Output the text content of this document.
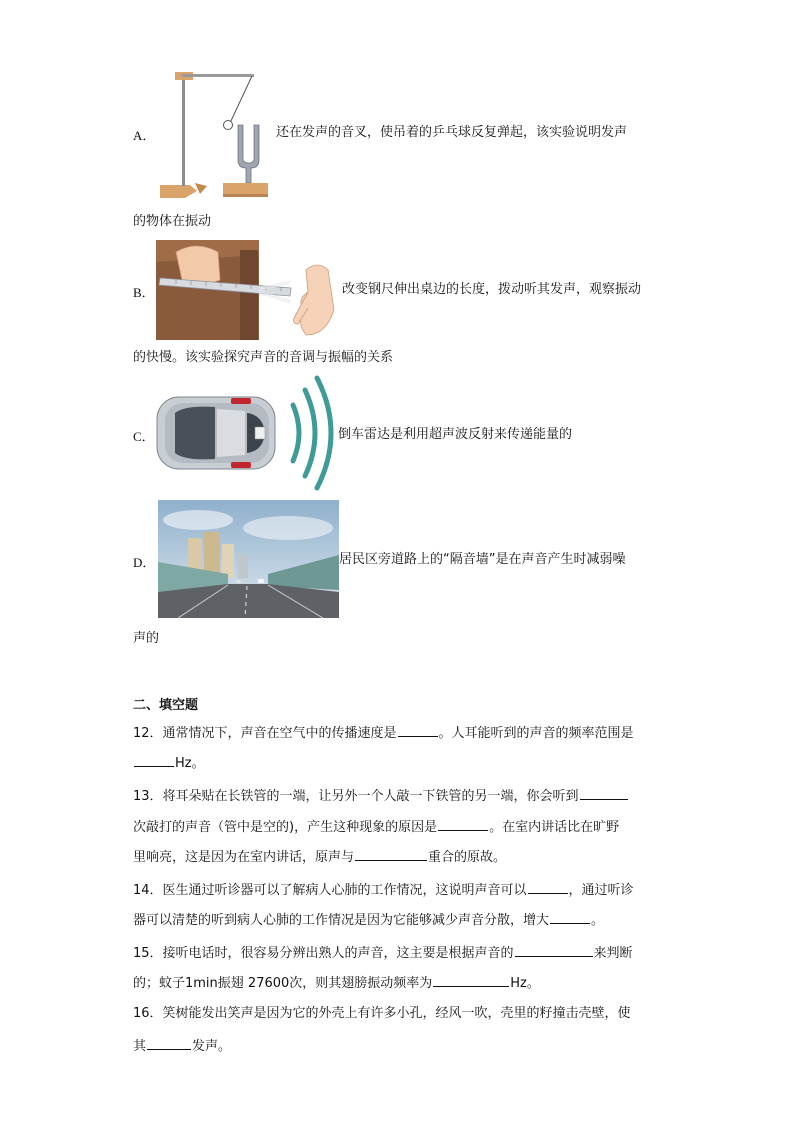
A．	还在发声的音叉，使吊着的乒乓球反复弹起，该实验说明发声
的物体在振动
B．	改变钢尺伸出桌边的长度，拨动听其发声，观察振动
的快慢。该实验探究声音的音调与振幅的关系
C．	倒车雷达是利用超声波反射来传递能量的
D．	居民区旁道路上的“隔音墙”是在声音产生时减弱噪
声的
二、填空题
12．通常情况下，声音在空气中的传播速度是	。人耳能听到的声音的频率范围是
Hz。
13．将耳朵贴在长铁管的一端，让另外一个人敲一下铁管的另一端，你会听到
次敲打的声音（管中是空的)，产生这种现象的原因是	。在室内讲话比在旷野
里响亮，这是因为在室内讲话，原声与	重合的原故。
14．医生通过听诊器可以了解病人心肺的工作情况，这说明声音可以	，通过听诊
器可以清楚的听到病人心肺的工作情况是因为它能够减少声音分散，增大	。
15．接听电话时，很容易分辨出熟人的声音，这主要是根据声音的	来判断
的；蚊子1min振翅 27600次，则其翅膀振动频率为	Hz。
16．笑树能发出笑声是因为它的外壳上有许多小孔，经风一吹，壳里的籽撞击壳壁，使
其	发声。
